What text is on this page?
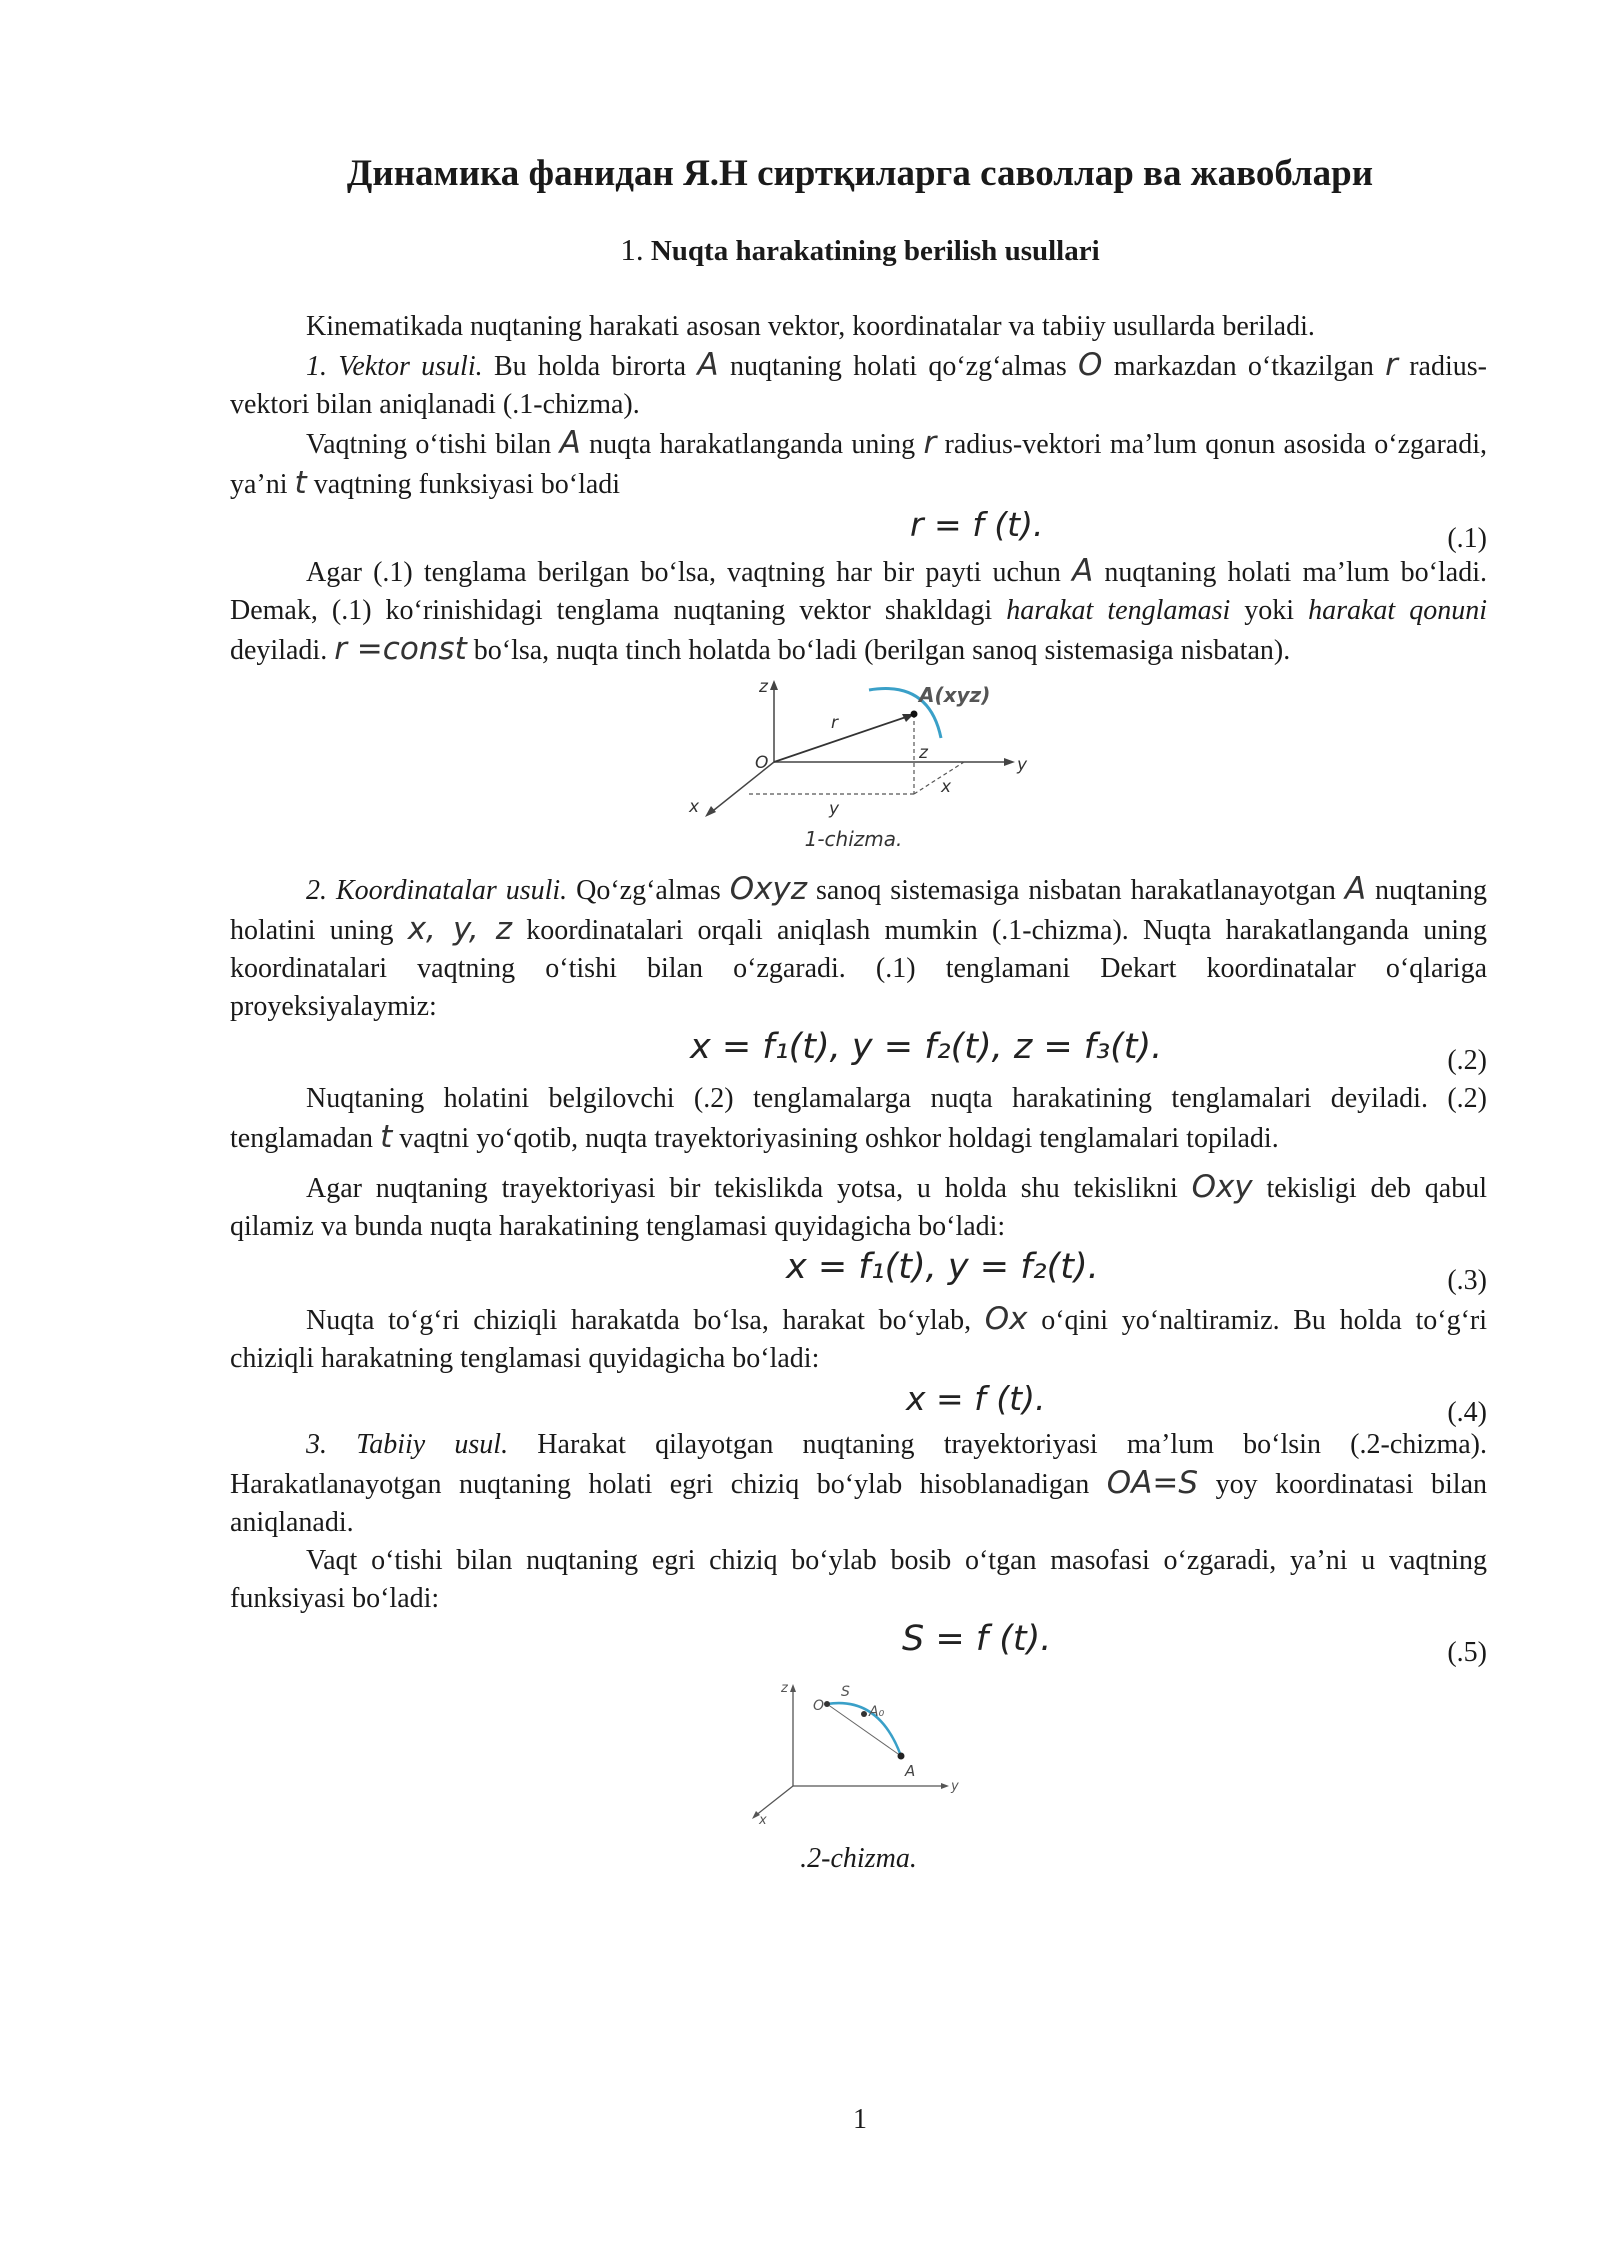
Динамика фанидан Я.Н сиртқиларга саволлар ва жавоблари
1. Nuqta harakatining berilish usullari

Kinematikada nuqtaning harakati asosan vektor, koordinatalar va tabiiy usullarda beriladi.

1. Vektor usuli. Bu holda birorta A nuqtaning holati qo‘zg‘almas O markazdan o‘tkazilgan r radius-vektori bilan aniqlanadi (.1-chizma).

Vaqtning o‘tishi bilan A nuqta harakatlanganda uning r radius-vektori ma’lum qonun asosida o‘zgaradi, ya’ni t vaqtning funksiyasi bo‘ladi

r = f (t).	(.1)

Agar (.1) tenglama berilgan bo‘lsa, vaqtning har bir payti uchun A nuqtaning holati ma’lum bo‘ladi. Demak, (.1) ko‘rinishidagi tenglama nuqtaning vektor shakldagi harakat tenglamasi yoki harakat qonuni deyiladi. r =const bo‘lsa, nuqta tinch holatda bo‘ladi (berilgan sanoq sistemasiga nisbatan).

z
y
x
O
r
z
x
y
A(xyz)
1-chizma.

2. Koordinatalar usuli. Qo‘zg‘almas Oxyz sanoq sistemasiga nisbatan harakatlanayotgan A nuqtaning holatini uning x, y, z koordinatalari orqali aniqlash mumkin (.1-chizma). Nuqta harakatlanganda uning koordinatalari vaqtning o‘tishi bilan o‘zgaradi. (.1) tenglamani Dekart koordinatalar o‘qlariga proyeksiyalaymiz:

x = f₁(t), y = f₂(t), z = f₃(t).	(.2)

Nuqtaning holatini belgilovchi (.2) tenglamalarga nuqta harakatining tenglamalari deyiladi. (.2) tenglamadan t vaqtni yo‘qotib, nuqta trayektoriyasining oshkor holdagi tenglamalari topiladi.

Agar nuqtaning trayektoriyasi bir tekislikda yotsa, u holda shu tekislikni Oxy tekisligi deb qabul qilamiz va bunda nuqta harakatining tenglamasi quyidagicha bo‘ladi:

x = f₁(t), y = f₂(t).	(.3)

Nuqta to‘g‘ri chiziqli harakatda bo‘lsa, harakat bo‘ylab, Ox o‘qini yo‘naltiramiz. Bu holda to‘g‘ri chiziqli harakatning tenglamasi quyidagicha bo‘ladi:

x = f (t).	(.4)

3. Tabiiy usul. Harakat qilayotgan nuqtaning trayektoriyasi ma’lum bo‘lsin (.2-chizma). Harakatlanayotgan nuqtaning holati egri chiziq bo‘ylab hisoblanadigan OA=S yoy koordinatasi bilan aniqlanadi.

Vaqt o‘tishi bilan nuqtaning egri chiziq bo‘ylab bosib o‘tgan masofasi o‘zgaradi, ya’ni u vaqtning funksiyasi bo‘ladi:

S = f (t).	(.5)
z
y
x
O
S
A₀
A
.2-chizma.
1
